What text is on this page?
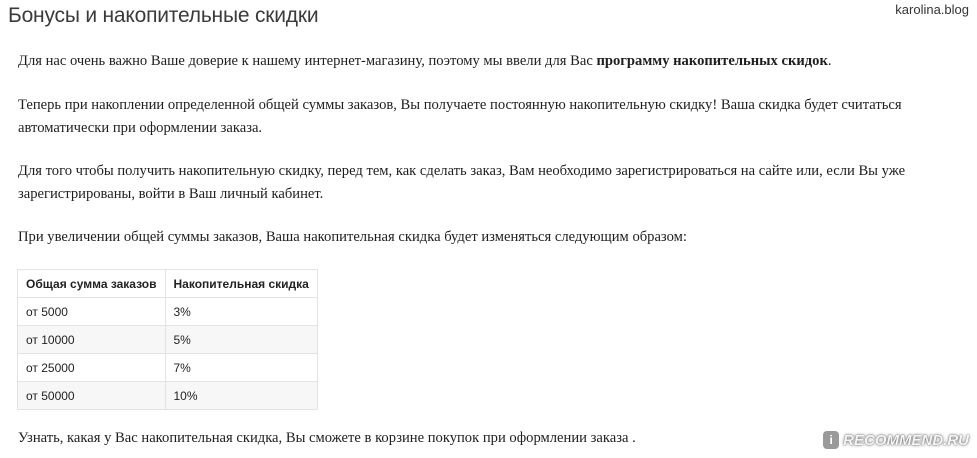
Бонусы и накопительные скидки	karolina.blog

Для нас очень важно Ваше доверие к нашему интернет-магазину, поэтому мы ввели для Вас программу накопительных скидок.

Теперь при накоплении определенной общей суммы заказов, Вы получаете постоянную накопительную скидку! Ваша скидка будет считаться автоматически при оформлении заказа.

Для того чтобы получить накопительную скидку, перед тем, как сделать заказ, Вам необходимо зарегистрироваться на сайте или, если Вы уже зарегистрированы, войти в Ваш личный кабинет.

При увеличении общей суммы заказов, Ваша накопительная скидка будет изменяться следующим образом:

Общая сумма заказов	Накопительная скидка
от 5000	3%
от 10000	5%
от 25000	7%
от 50000	10%

Узнать, какая у Вас накопительная скидка, Вы сможете в корзине покупок при оформлении заказа .	i RECOMMEND.RU
